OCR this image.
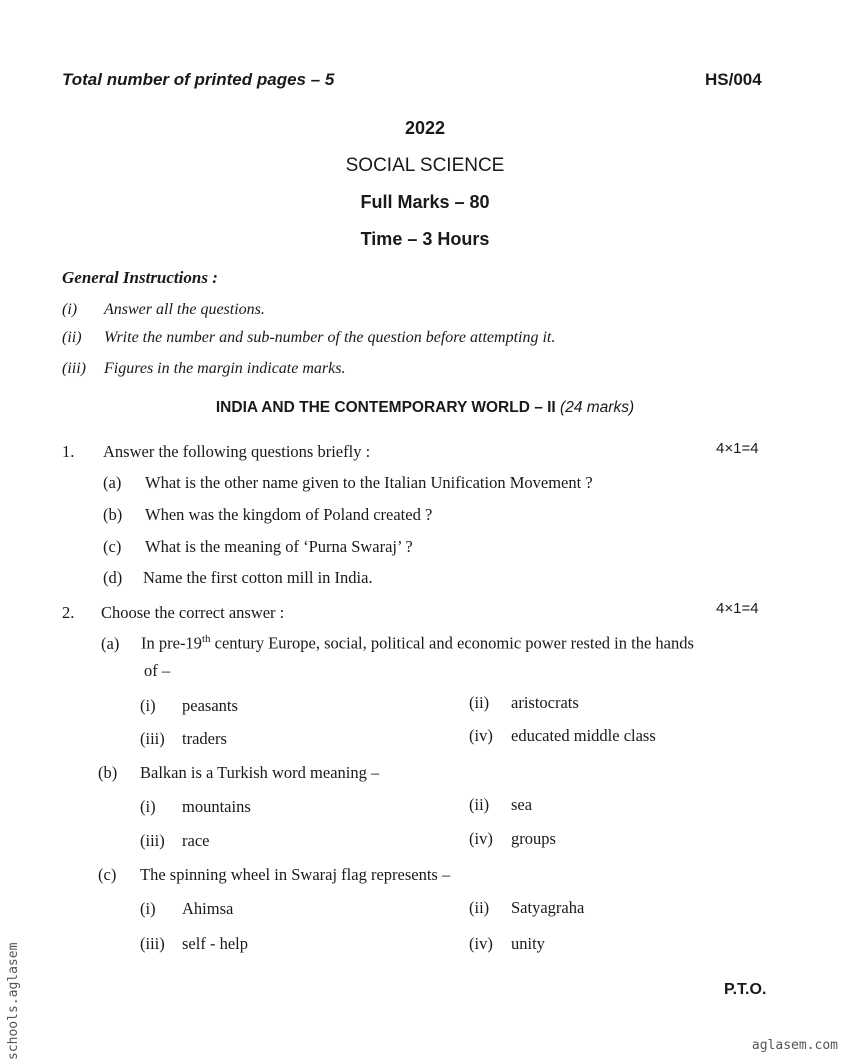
Total number of printed pages – 5	HS/004
2022
SOCIAL SCIENCE
Full Marks – 80
Time – 3 Hours
General Instructions :
(i) Answer all the questions.
(ii) Write the number and sub-number of the question before attempting it.
(iii) Figures in the margin indicate marks.
INDIA AND THE CONTEMPORARY WORLD – II (24 marks)
1. Answer the following questions briefly :	4×1=4
(a) What is the other name given to the Italian Unification Movement ?
(b) When was the kingdom of Poland created ?
(c) What is the meaning of ‘Purna Swaraj’ ?
(d) Name the first cotton mill in India.
2. Choose the correct answer :	4×1=4
(a) In pre-19th century Europe, social, political and economic power rested in the hands
of –
(i) peasants	(ii) aristocrats
(iii) traders	(iv) educated middle class
(b) Balkan is a Turkish word meaning –
(i) mountains	(ii) sea
(iii) race	(iv) groups
(c) The spinning wheel in Swaraj flag represents –
(i) Ahimsa	(ii) Satyagraha
(iii) self - help	(iv) unity
P.T.O.
schools.aglasem	aglasem.com
